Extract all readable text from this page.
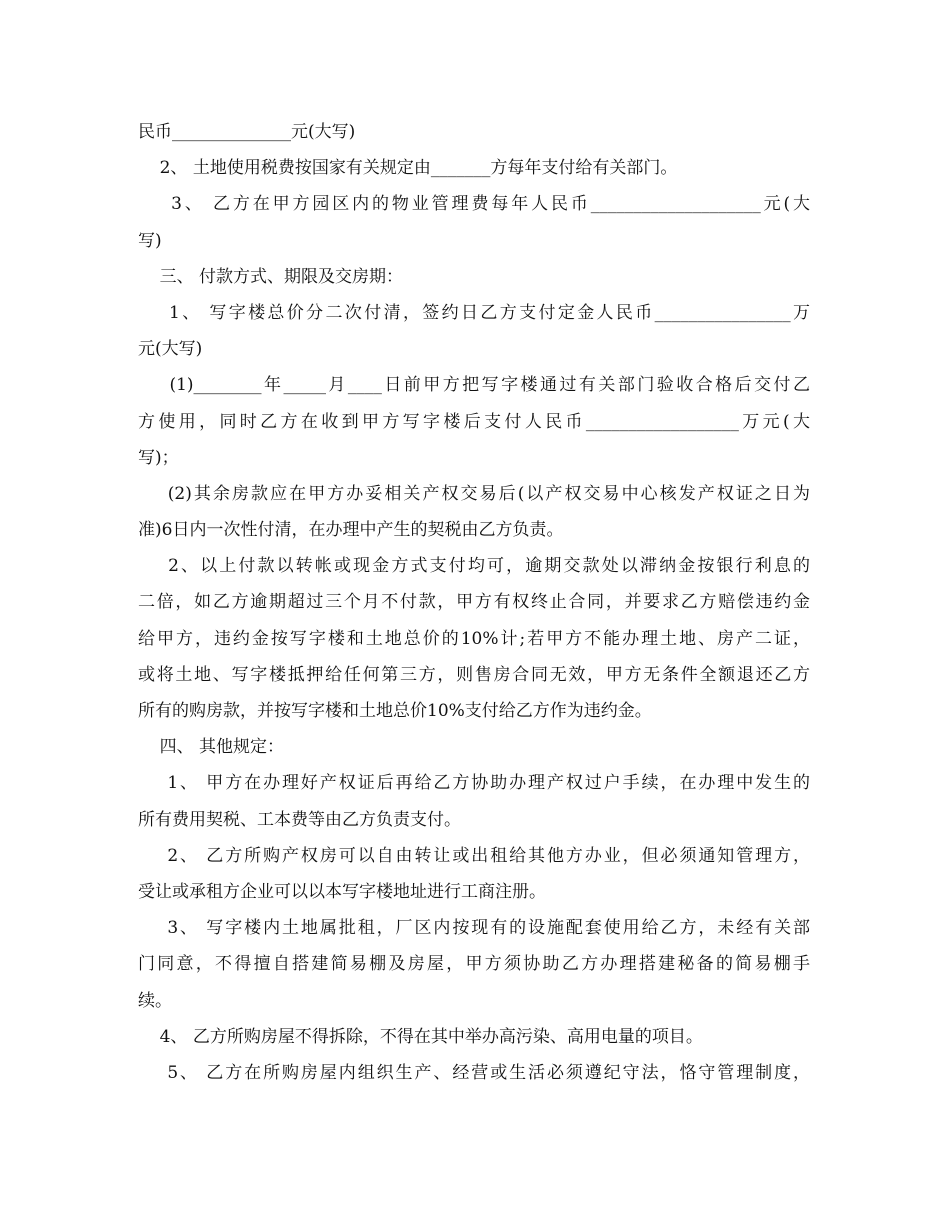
民币______________元(大写)
2、 土地使用税费按国家有关规定由_______方每年支付给有关部门。
3、 乙方在甲方园区内的物业管理费每年人民币____________________元(大
写)
三、 付款方式、期限及交房期：
1、 写字楼总价分二次付清，签约日乙方支付定金人民币________________万
元(大写)
(1)________年_____月____日前甲方把写字楼通过有关部门验收合格后交付乙
方使用，同时乙方在收到甲方写字楼后支付人民币__________________万元(大
写)；
(2)其余房款应在甲方办妥相关产权交易后(以产权交易中心核发产权证之日为
准)6日内一次性付清，在办理中产生的契税由乙方负责。
2、以上付款以转帐或现金方式支付均可，逾期交款处以滞纳金按银行利息的
二倍，如乙方逾期超过三个月不付款，甲方有权终止合同，并要求乙方赔偿违约金
给甲方，违约金按写字楼和土地总价的10%计;若甲方不能办理土地、房产二证，
或将土地、写字楼抵押给任何第三方，则售房合同无效，甲方无条件全额退还乙方
所有的购房款，并按写字楼和土地总价10%支付给乙方作为违约金。
四、 其他规定：
1、 甲方在办理好产权证后再给乙方协助办理产权过户手续，在办理中发生的
所有费用契税、工本费等由乙方负责支付。
2、 乙方所购产权房可以自由转让或出租给其他方办业，但必须通知管理方，
受让或承租方企业可以以本写字楼地址进行工商注册。
3、 写字楼内土地属批租，厂区内按现有的设施配套使用给乙方，未经有关部
门同意，不得擅自搭建简易棚及房屋，甲方须协助乙方办理搭建秘备的简易棚手
续。
4、 乙方所购房屋不得拆除，不得在其中举办高污染、高用电量的项目。
5、 乙方在所购房屋内组织生产、经营或生活必须遵纪守法，恪守管理制度，
